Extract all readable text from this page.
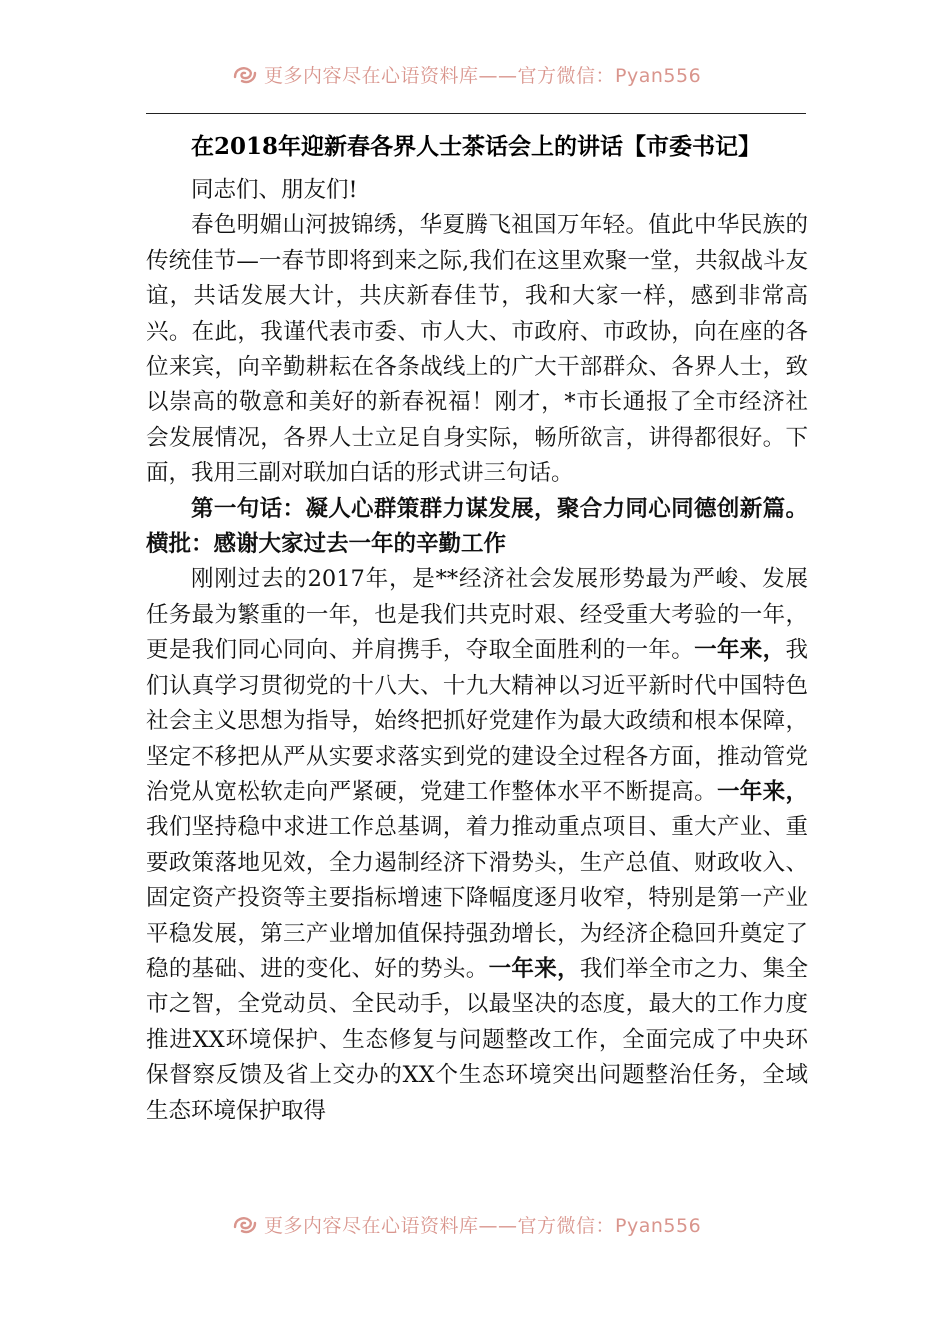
更多内容尽在心语资料库——官方微信：Pyan556
在2018年迎新春各界人士茶话会上的讲话【市委书记】

同志们、朋友们!

春色明媚山河披锦绣，华夏腾飞祖国万年轻。值此中华民族的传统佳节—一春节即将到来之际,我们在这里欢聚一堂，共叙战斗友谊，共话发展大计，共庆新春佳节，我和大家一样，感到非常高兴。在此，我谨代表市委、市人大、市政府、市政协，向在座的各位来宾，向辛勤耕耘在各条战线上的广大干部群众、各界人士，致以崇高的敬意和美好的新春祝福！刚才，*市长通报了全市经济社会发展情况，各界人士立足自身实际，畅所欲言，讲得都很好。下面，我用三副对联加白话的形式讲三句话。

第一句话：凝人心群策群力谋发展，聚合力同心同德创新篇。横批：感谢大家过去一年的辛勤工作

刚刚过去的2017年，是**经济社会发展形势最为严峻、发展任务最为繁重的一年，也是我们共克时艰、经受重大考验的一年，更是我们同心同向、并肩携手，夺取全面胜利的一年。一年来，我们认真学习贯彻党的十八大、十九大精神以习近平新时代中国特色社会主义思想为指导，始终把抓好党建作为最大政绩和根本保障，坚定不移把从严从实要求落实到党的建设全过程各方面，推动管党治党从宽松软走向严紧硬，党建工作整体水平不断提高。一年来，我们坚持稳中求进工作总基调，着力推动重点项目、重大产业、重要政策落地见效，全力遏制经济下滑势头，生产总值、财政收入、固定资产投资等主要指标增速下降幅度逐月收窄，特别是第一产业平稳发展，第三产业增加值保持强劲增长，为经济企稳回升奠定了稳的基础、进的变化、好的势头。一年来，我们举全市之力、集全市之智，全党动员、全民动手，以最坚决的态度，最大的工作力度推进XX环境保护、生态修复与问题整改工作，全面完成了中央环保督察反馈及省上交办的XX个生态环境突出问题整治任务，全域生态环境保护取得

更多内容尽在心语资料库——官方微信：Pyan556
